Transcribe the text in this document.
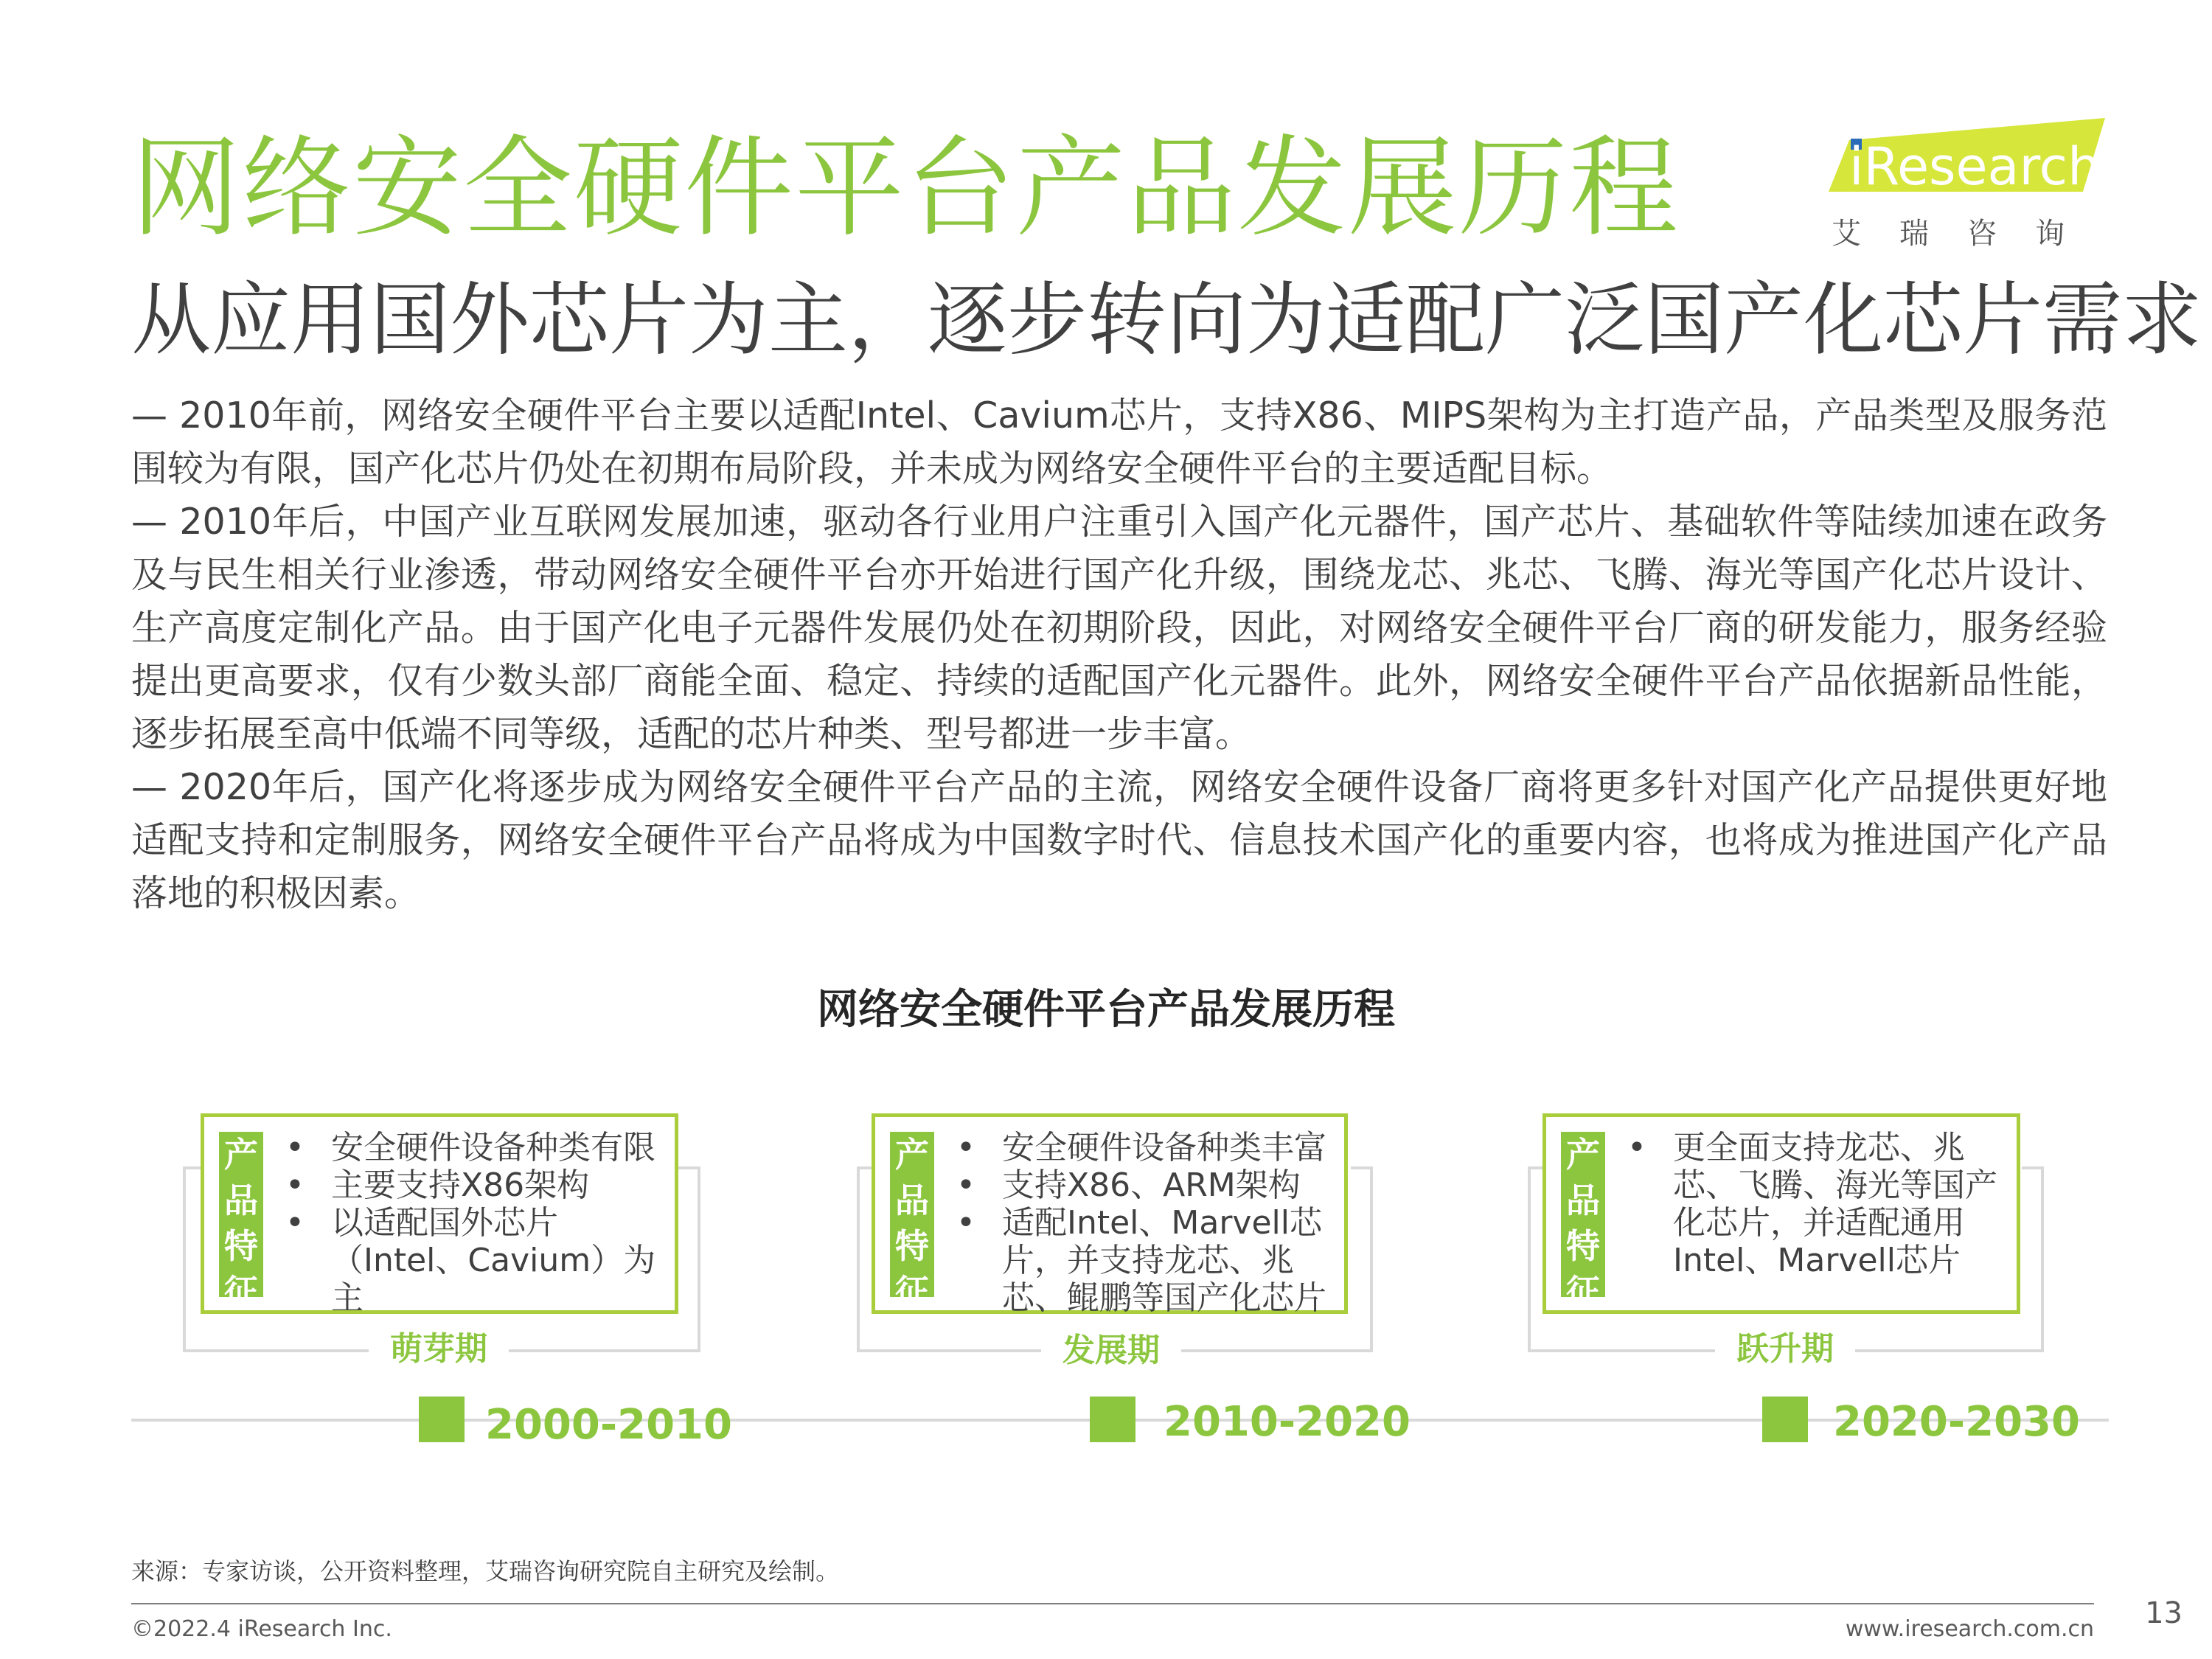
网络安全硬件平台产品发展历程
从应用国外芯片为主，逐步转向为适配广泛国产化芯片需求
iResearch
艾瑞咨询

— 2010年前，网络安全硬件平台主要以适配Intel、Cavium芯片，支持X86、MIPS架构为主打造产品，产品类型及服务范围较为有限，国产化芯片仍处在初期布局阶段，并未成为网络安全硬件平台的主要适配目标。

— 2010年后，中国产业互联网发展加速，驱动各行业用户注重引入国产化元器件，国产芯片、基础软件等陆续加速在政务及与民生相关行业渗透，带动网络安全硬件平台亦开始进行国产化升级，围绕龙芯、兆芯、飞腾、海光等国产化芯片设计、生产高度定制化产品。由于国产化电子元器件发展仍处在初期阶段，因此，对网络安全硬件平台厂商的研发能力，服务经验提出更高要求，仅有少数头部厂商能全面、稳定、持续的适配国产化元器件。此外，网络安全硬件平台产品依据新品性能，逐步拓展至高中低端不同等级，适配的芯片种类、型号都进一步丰富。

— 2020年后，国产化将逐步成为网络安全硬件平台产品的主流，网络安全硬件设备厂商将更多针对国产化产品提供更好地适配支持和定制服务，网络安全硬件平台产品将成为中国数字时代、信息技术国产化的重要内容，也将成为推进国产化产品落地的积极因素。

网络安全硬件平台产品发展历程
产
品
特
征
• 安全硬件设备种类有限
• 主要支持X86架构
• 以适配国外芯片（Intel、Cavium）为主
萌芽期
2000-2010
产
品
特
征
• 安全硬件设备种类丰富
• 支持X86、ARM架构
• 适配Intel、Marvell芯片，并支持龙芯、兆芯、鲲鹏等国产化芯片
发展期
2010-2020
产
品
特
征
• 更全面支持龙芯、兆芯、飞腾、海光等国产化芯片，并适配通用Intel、Marvell芯片
跃升期
2020-2030
来源：专家访谈，公开资料整理，艾瑞咨询研究院自主研究及绘制。
©2022.4 iResearch Inc.	www.iresearch.com.cn 13
